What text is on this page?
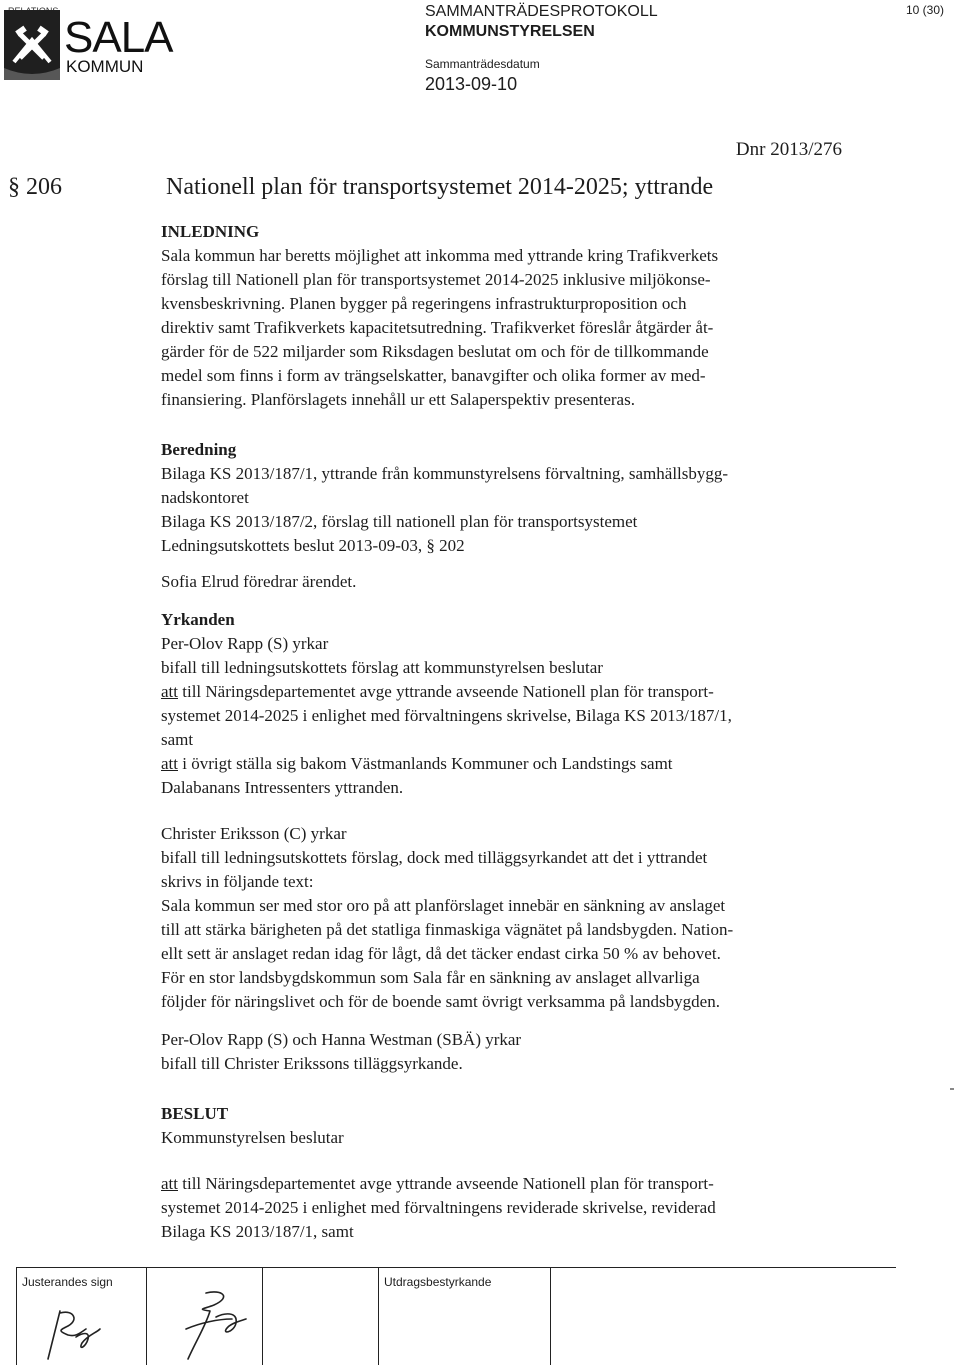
SALA
KOMMUN
SAMMANTRÄDESPROTOKOLL
KOMMUNSTYRELSEN
Sammanträdesdatum
2013-09-10
10 (30)
Dnr 2013/276
§ 206	Nationell plan för transportsystemet 2014-2025; yttrande

INLEDNING

Sala kommun har beretts möjlighet att inkomma med yttrande kring Trafikverkets

förslag till Nationell plan för transportsystemet 2014-2025 inklusive miljökonse-

kvensbeskrivning. Planen bygger på regeringens infrastrukturproposition och

direktiv samt Trafikverkets kapacitetsutredning. Trafikverket föreslår åtgärder åt-

gärder för de 522 miljarder som Riksdagen beslutat om och för de tillkommande

medel som finns i form av trängselskatter, banavgifter och olika former av med-

finansiering. Planförslagets innehåll ur ett Salaperspektiv presenteras.

Beredning

Bilaga KS 2013/187/1, yttrande från kommunstyrelsens förvaltning, samhällsbygg-

nadskontoret

Bilaga KS 2013/187/2, förslag till nationell plan för transportsystemet

Ledningsutskottets beslut 2013-09-03, § 202

Sofia Elrud föredrar ärendet.

Yrkanden

Per-Olov Rapp (S) yrkar

bifall till ledningsutskottets förslag att kommunstyrelsen beslutar

att till Näringsdepartementet avge yttrande avseende Nationell plan för transport-

systemet 2014-2025 i enlighet med förvaltningens skrivelse, Bilaga KS 2013/187/1,

samt

att i övrigt ställa sig bakom Västmanlands Kommuner och Landstings samt

Dalabanans Intressenters yttranden.

Christer Eriksson (C) yrkar

bifall till ledningsutskottets förslag, dock med tilläggsyrkandet att det i yttrandet

skrivs in följande text:

Sala kommun ser med stor oro på att planförslaget innebär en sänkning av anslaget

till att stärka bärigheten på det statliga finmaskiga vägnätet på landsbygden. Nation-

ellt sett är anslaget redan idag för lågt, då det täcker endast cirka 50 % av behovet.

För en stor landsbygdskommun som Sala får en sänkning av anslaget allvarliga

följder för näringslivet och för de boende samt övrigt verksamma på landsbygden.

Per-Olov Rapp (S) och Hanna Westman (SBÄ) yrkar

bifall till Christer Erikssons tilläggsyrkande.

BESLUT

Kommunstyrelsen beslutar

att till Näringsdepartementet avge yttrande avseende Nationell plan för transport-

systemet 2014-2025 i enlighet med förvaltningens reviderade skrivelse, reviderad

Bilaga KS 2013/187/1, samt

Justerandes sign	Utdragsbestyrkande
